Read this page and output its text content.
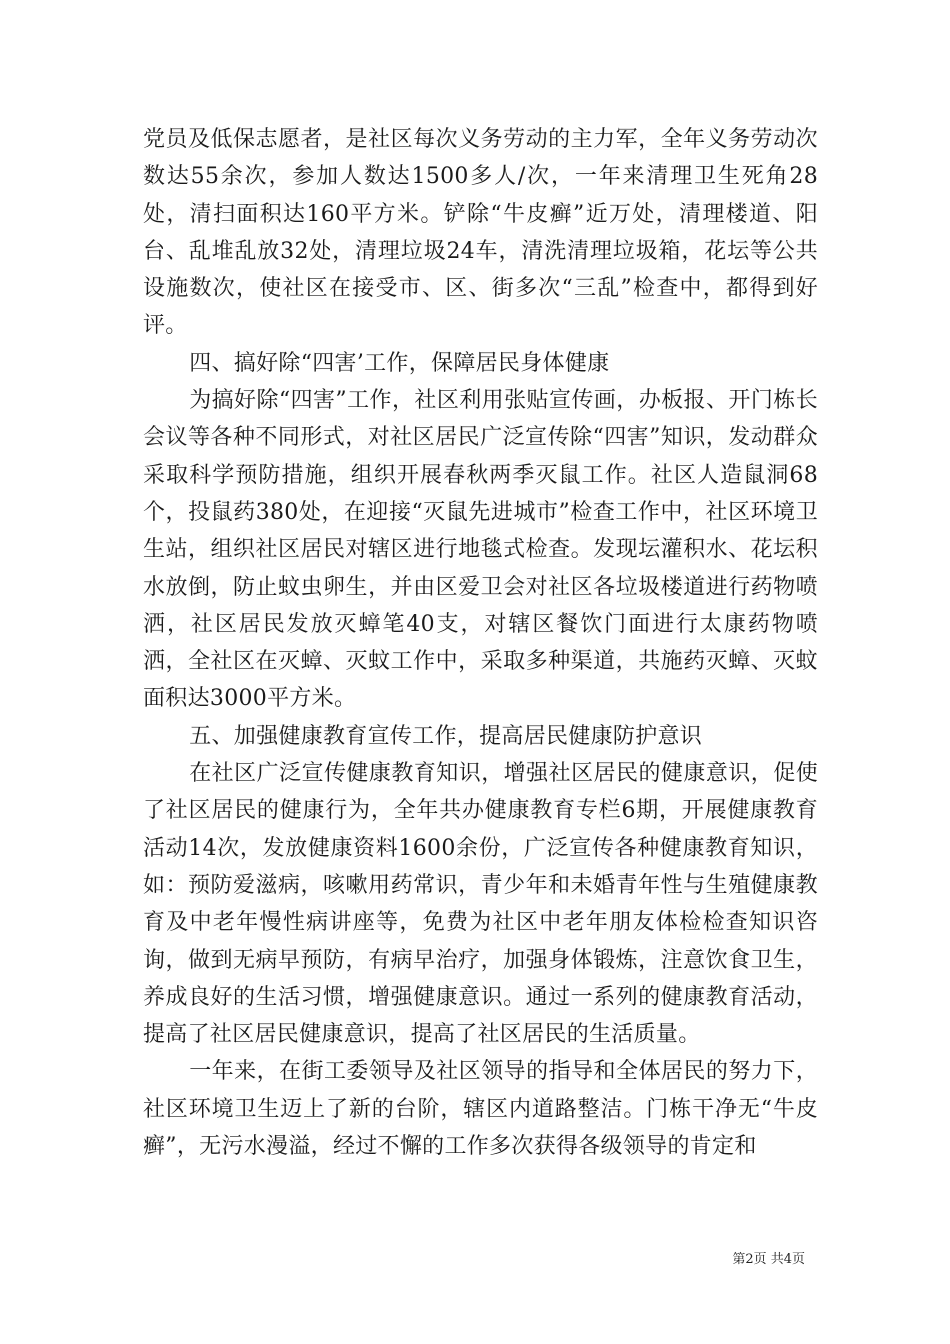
党员及低保志愿者，是社区每次义务劳动的主力军，全年义务劳动次数达55余次，参加人数达1500多人/次，一年来清理卫生死角28处，清扫面积达160平方米。铲除“牛皮癣”近万处，清理楼道、阳台、乱堆乱放32处，清理垃圾24车，清洗清理垃圾箱，花坛等公共设施数次，使社区在接受市、区、街多次“三乱”检查中，都得到好评。

四、搞好除“四害’工作，保障居民身体健康

为搞好除“四害”工作，社区利用张贴宣传画，办板报、开门栋长会议等各种不同形式，对社区居民广泛宣传除“四害”知识，发动群众采取科学预防措施，组织开展春秋两季灭鼠工作。社区人造鼠洞68个，投鼠药380处，在迎接“灭鼠先进城市”检查工作中，社区环境卫生站，组织社区居民对辖区进行地毯式检查。发现坛灌积水、花坛积水放倒，防止蚊虫卵生，并由区爱卫会对社区各垃圾楼道进行药物喷洒，社区居民发放灭蟑笔40支，对辖区餐饮门面进行太康药物喷洒，全社区在灭蟑、灭蚊工作中，采取多种渠道，共施药灭蟑、灭蚊面积达3000平方米。

五、加强健康教育宣传工作，提高居民健康防护意识

在社区广泛宣传健康教育知识，增强社区居民的健康意识，促使了社区居民的健康行为，全年共办健康教育专栏6期，开展健康教育活动14次，发放健康资料1600余份，广泛宣传各种健康教育知识，如：预防爱滋病，咳嗽用药常识，青少年和未婚青年性与生殖健康教育及中老年慢性病讲座等，免费为社区中老年朋友体检检查知识咨询，做到无病早预防，有病早治疗，加强身体锻炼，注意饮食卫生，养成良好的生活习惯，增强健康意识。通过一系列的健康教育活动，提高了社区居民健康意识，提高了社区居民的生活质量。

一年来，在街工委领导及社区领导的指导和全体居民的努力下，社区环境卫生迈上了新的台阶，辖区内道路整洁。门栋干净无“牛皮癣”，无污水漫溢，经过不懈的工作多次获得各级领导的肯定和

第2页 共4页
